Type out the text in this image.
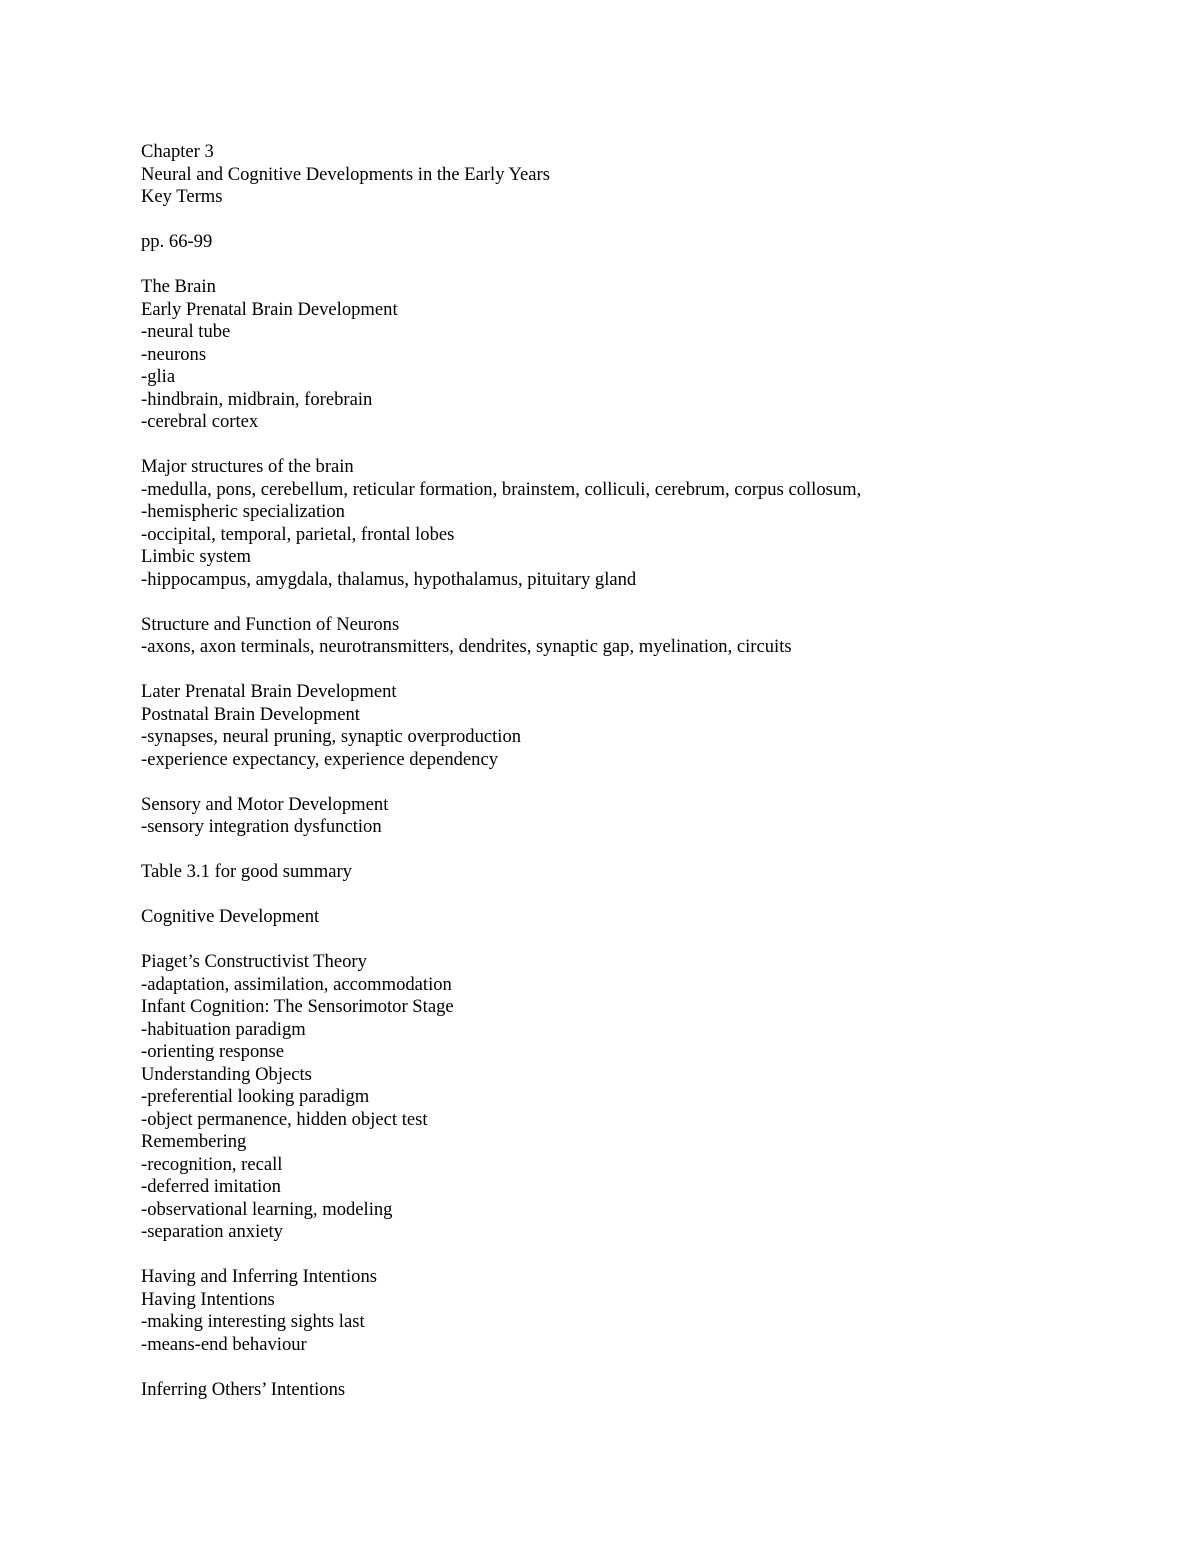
Chapter 3
Neural and Cognitive Developments in the Early Years
Key Terms
pp. 66-99
The Brain
Early Prenatal Brain Development
-neural tube
-neurons
-glia
-hindbrain, midbrain, forebrain
-cerebral cortex
Major structures of the brain
-medulla, pons, cerebellum, reticular formation, brainstem, colliculi, cerebrum, corpus collosum,
-hemispheric specialization
-occipital, temporal, parietal, frontal lobes
Limbic system
-hippocampus, amygdala, thalamus, hypothalamus, pituitary gland
Structure and Function of Neurons
-axons, axon terminals, neurotransmitters, dendrites, synaptic gap, myelination, circuits
Later Prenatal Brain Development
Postnatal Brain Development
-synapses, neural pruning, synaptic overproduction
-experience expectancy, experience dependency
Sensory and Motor Development
-sensory integration dysfunction
Table 3.1 for good summary
Cognitive Development
Piaget’s Constructivist Theory
-adaptation, assimilation, accommodation
Infant Cognition: The Sensorimotor Stage
-habituation paradigm
-orienting response
Understanding Objects
-preferential looking paradigm
-object permanence, hidden object test
Remembering
-recognition, recall
-deferred imitation
-observational learning, modeling
-separation anxiety
Having and Inferring Intentions
Having Intentions
-making interesting sights last
-means-end behaviour
Inferring Others’ Intentions
